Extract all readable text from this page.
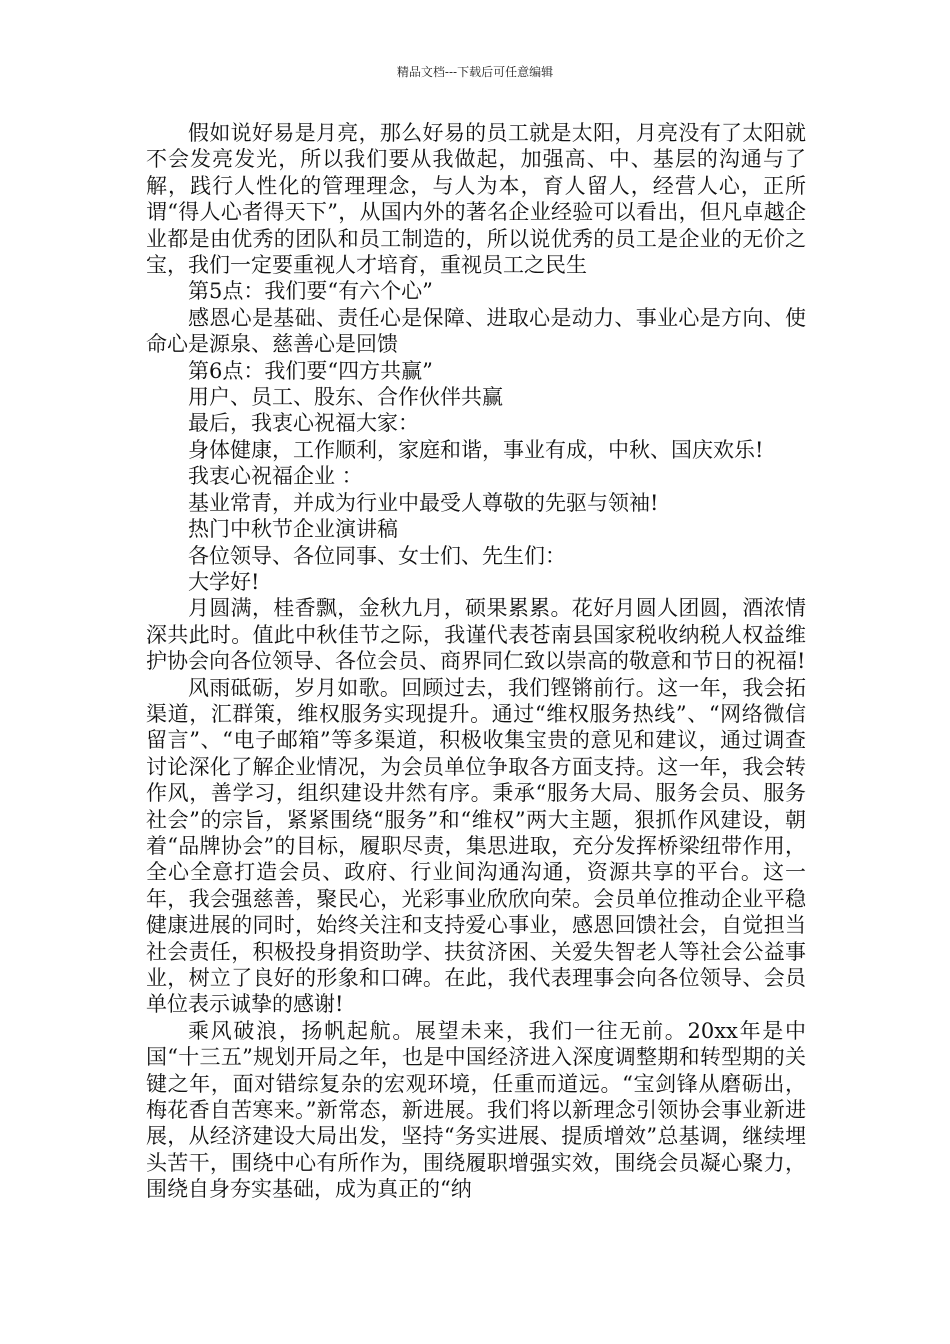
精品文档---下载后可任意编辑

假如说好易是月亮，那么好易的员工就是太阳，月亮没有了太阳就不会发亮发光，所以我们要从我做起，加强高、中、基层的沟通与了解，践行人性化的管理理念，与人为本，育人留人，经营人心，正所谓“得人心者得天下”，从国内外的著名企业经验可以看出，但凡卓越企业都是由优秀的团队和员工制造的，所以说优秀的员工是企业的无价之宝，我们一定要重视人才培育，重视员工之民生

第5点：我们要“有六个心”

感恩心是基础、责任心是保障、进取心是动力、事业心是方向、使命心是源泉、慈善心是回馈

第6点：我们要“四方共赢”

用户、员工、股东、合作伙伴共赢

最后，我衷心祝福大家：

身体健康，工作顺利，家庭和谐，事业有成，中秋、国庆欢乐!

我衷心祝福企业 ：

基业常青，并成为行业中最受人尊敬的先驱与领袖!

热门中秋节企业演讲稿

各位领导、各位同事、女士们、先生们：

大学好!

月圆满，桂香飘，金秋九月，硕果累累。花好月圆人团圆，酒浓情深共此时。值此中秋佳节之际，我谨代表苍南县国家税收纳税人权益维护协会向各位领导、各位会员、商界同仁致以崇高的敬意和节日的祝福!

风雨砥砺，岁月如歌。回顾过去，我们铿锵前行。这一年，我会拓渠道，汇群策，维权服务实现提升。通过“维权服务热线”、“网络微信留言”、“电子邮箱”等多渠道，积极收集宝贵的意见和建议，通过调查讨论深化了解企业情况，为会员单位争取各方面支持。这一年，我会转作风，善学习，组织建设井然有序。秉承“服务大局、服务会员、服务社会”的宗旨，紧紧围绕“服务”和“维权”两大主题，狠抓作风建设，朝着“品牌协会”的目标，履职尽责，集思进取，充分发挥桥梁纽带作用，全心全意打造会员、政府、行业间沟通沟通，资源共享的平台。这一年，我会强慈善，聚民心，光彩事业欣欣向荣。会员单位推动企业平稳健康进展的同时，始终关注和支持爱心事业，感恩回馈社会，自觉担当社会责任，积极投身捐资助学、扶贫济困、关爱失智老人等社会公益事业，树立了良好的形象和口碑。在此，我代表理事会向各位领导、会员单位表示诚挚的感谢!

乘风破浪，扬帆起航。展望未来，我们一往无前。20xx年是中国“十三五”规划开局之年，也是中国经济进入深度调整期和转型期的关键之年，面对错综复杂的宏观环境，任重而道远。“宝剑锋从磨砺出，梅花香自苦寒来。”新常态，新进展。我们将以新理念引领协会事业新进展，从经济建设大局出发，坚持“务实进展、提质增效”总基调，继续埋头苦干，围绕中心有所作为，围绕履职增强实效，围绕会员凝心聚力，围绕自身夯实基础，成为真正的“纳
